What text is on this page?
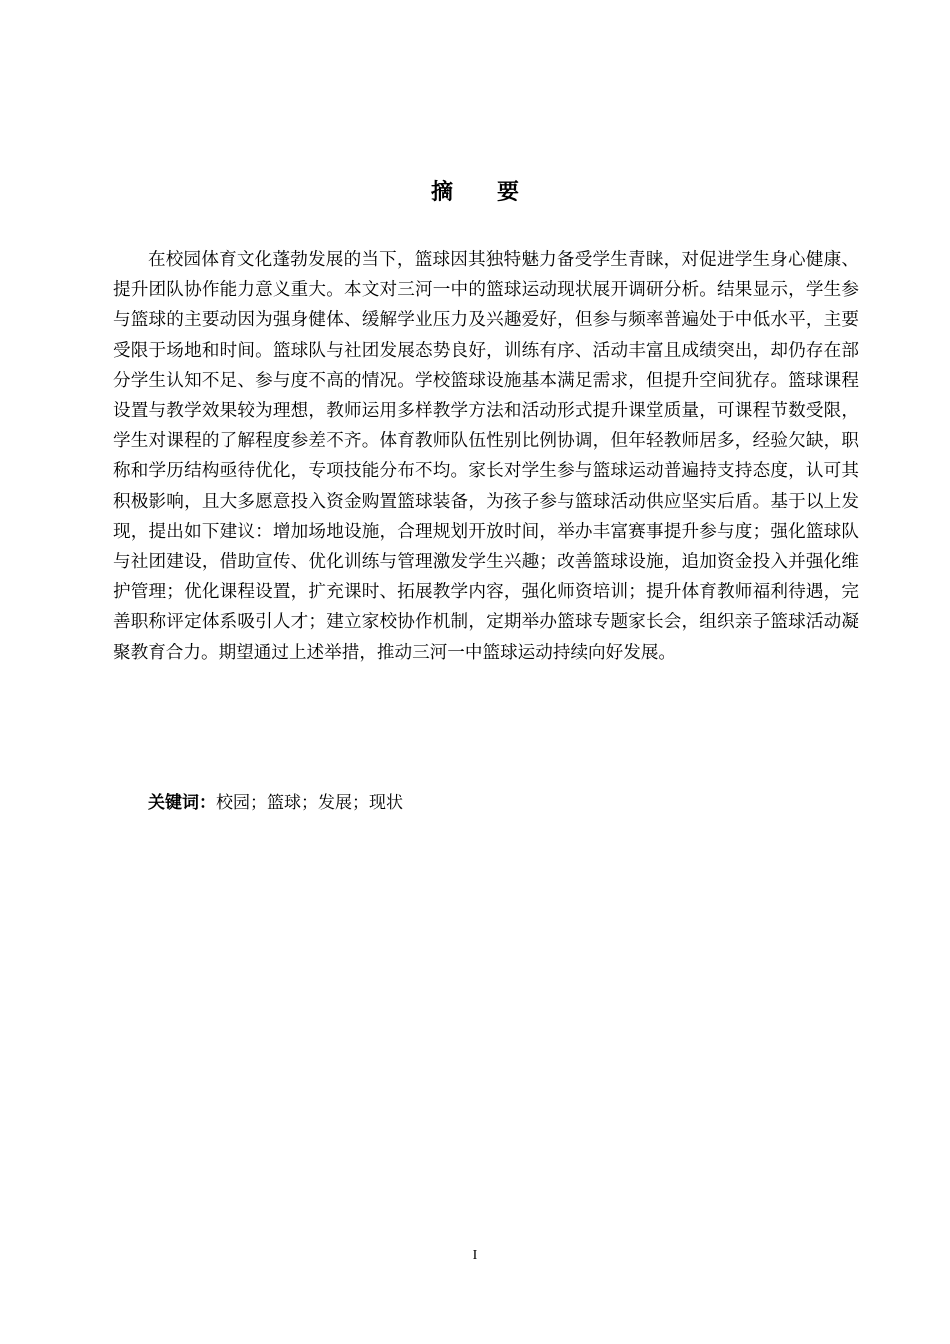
摘要

在校园体育文化蓬勃发展的当下，篮球因其独特魅力备受学生青睐，对促进学生身心健康、提升团队协作能力意义重大。本文对三河一中的篮球运动现状展开调研分析。结果显示，学生参与篮球的主要动因为强身健体、缓解学业压力及兴趣爱好，但参与频率普遍处于中低水平，主要受限于场地和时间。篮球队与社团发展态势良好，训练有序、活动丰富且成绩突出，却仍存在部分学生认知不足、参与度不高的情况。学校篮球设施基本满足需求，但提升空间犹存。篮球课程设置与教学效果较为理想，教师运用多样教学方法和活动形式提升课堂质量，可课程节数受限，学生对课程的了解程度参差不齐。体育教师队伍性别比例协调，但年轻教师居多，经验欠缺，职称和学历结构亟待优化，专项技能分布不均。家长对学生参与篮球运动普遍持支持态度，认可其积极影响，且大多愿意投入资金购置篮球装备，为孩子参与篮球活动供应坚实后盾。基于以上发现，提出如下建议：增加场地设施，合理规划开放时间，举办丰富赛事提升参与度；强化篮球队与社团建设，借助宣传、优化训练与管理激发学生兴趣；改善篮球设施，追加资金投入并强化维护管理；优化课程设置，扩充课时、拓展教学内容，强化师资培训；提升体育教师福利待遇，完善职称评定体系吸引人才；建立家校协作机制，定期举办篮球专题家长会，组织亲子篮球活动凝聚教育合力。期望通过上述举措，推动三河一中篮球运动持续向好发展。

关键词：校园；篮球；发展；现状
I
